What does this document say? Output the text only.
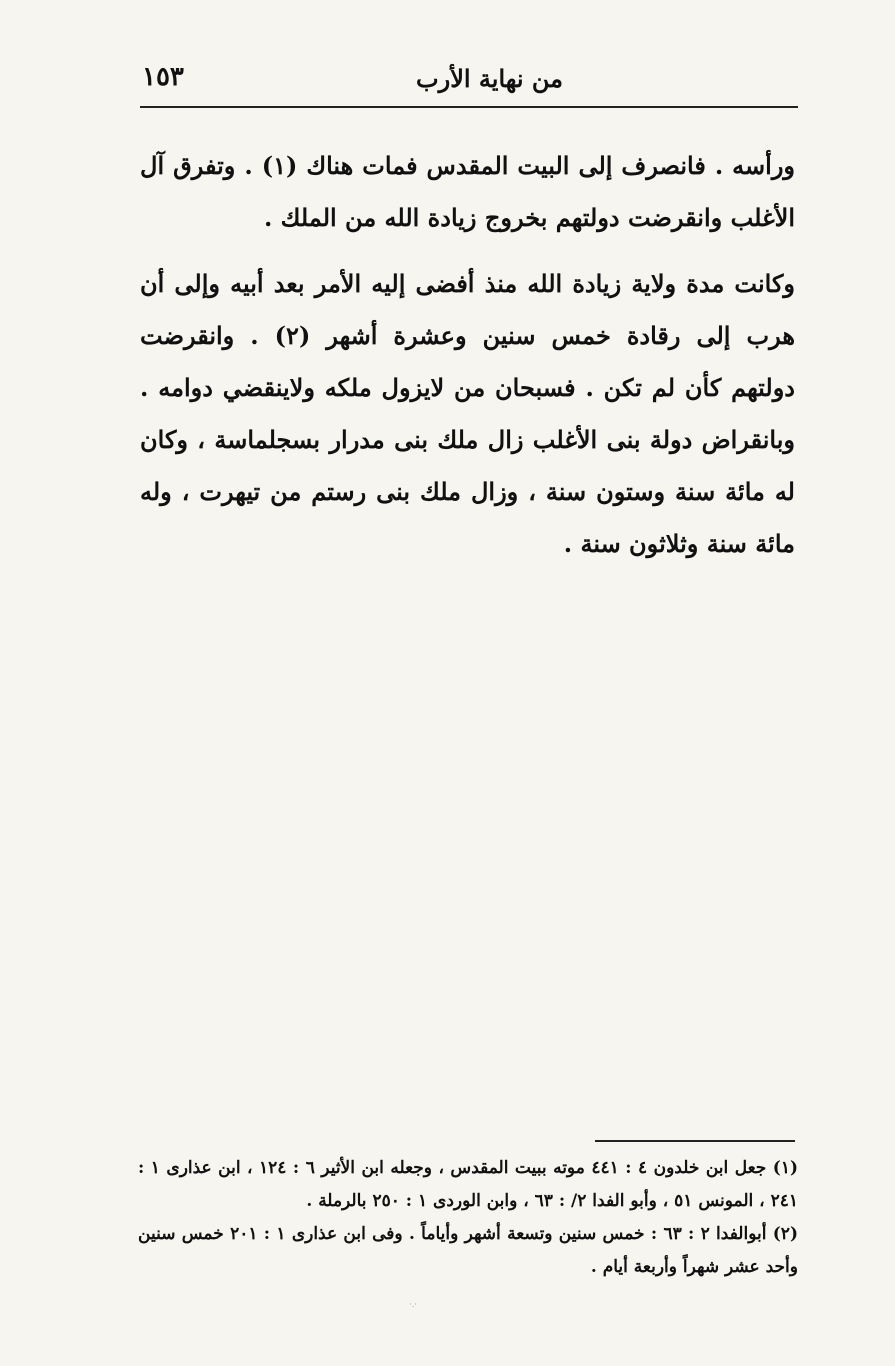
من نهاية الأرب
١٥٣

ورأسه . فانصرف إلى البيت المقدس فمات هناك (١) . وتفرق آل الأغلب وانقرضت دولتهم بخروج زيادة الله من الملك .

وكانت مدة ولاية زيادة الله منذ أفضى إليه الأمر بعد أبيه وإلى أن هرب إلى رقادة خمس سنين وعشرة أشهر (٢) . وانقرضت دولتهم كأن لم تكن . فسبحان من لايزول ملكه ولاينقضي دوامه . وبانقراض دولة بنى الأغلب زال ملك بنى مدرار بسجلماسة ، وكان له مائة سنة وستون سنة ، وزال ملك بنى رستم من تيهرت ، وله مائة سنة وثلاثون سنة .

(١) جعل ابن خلدون ٤ : ٤٤١ موته ببيت المقدس ، وجعله ابن الأثير ٦ : ١٢٤ ، ابن عذارى ١ : ٢٤١ ، المونس ٥١ ، وأبو الفدا ٢/ : ٦٣ ، وابن الوردى ١ : ٢٥٠ بالرملة .

(٢) أبوالفدا ٢ : ٦٣ : خمس سنين وتسعة أشهر وأياماً . وفى ابن عذارى ١ : ٢٠١ خمس سنين وأحد عشر شهراً وأربعة أيام .

·.·
